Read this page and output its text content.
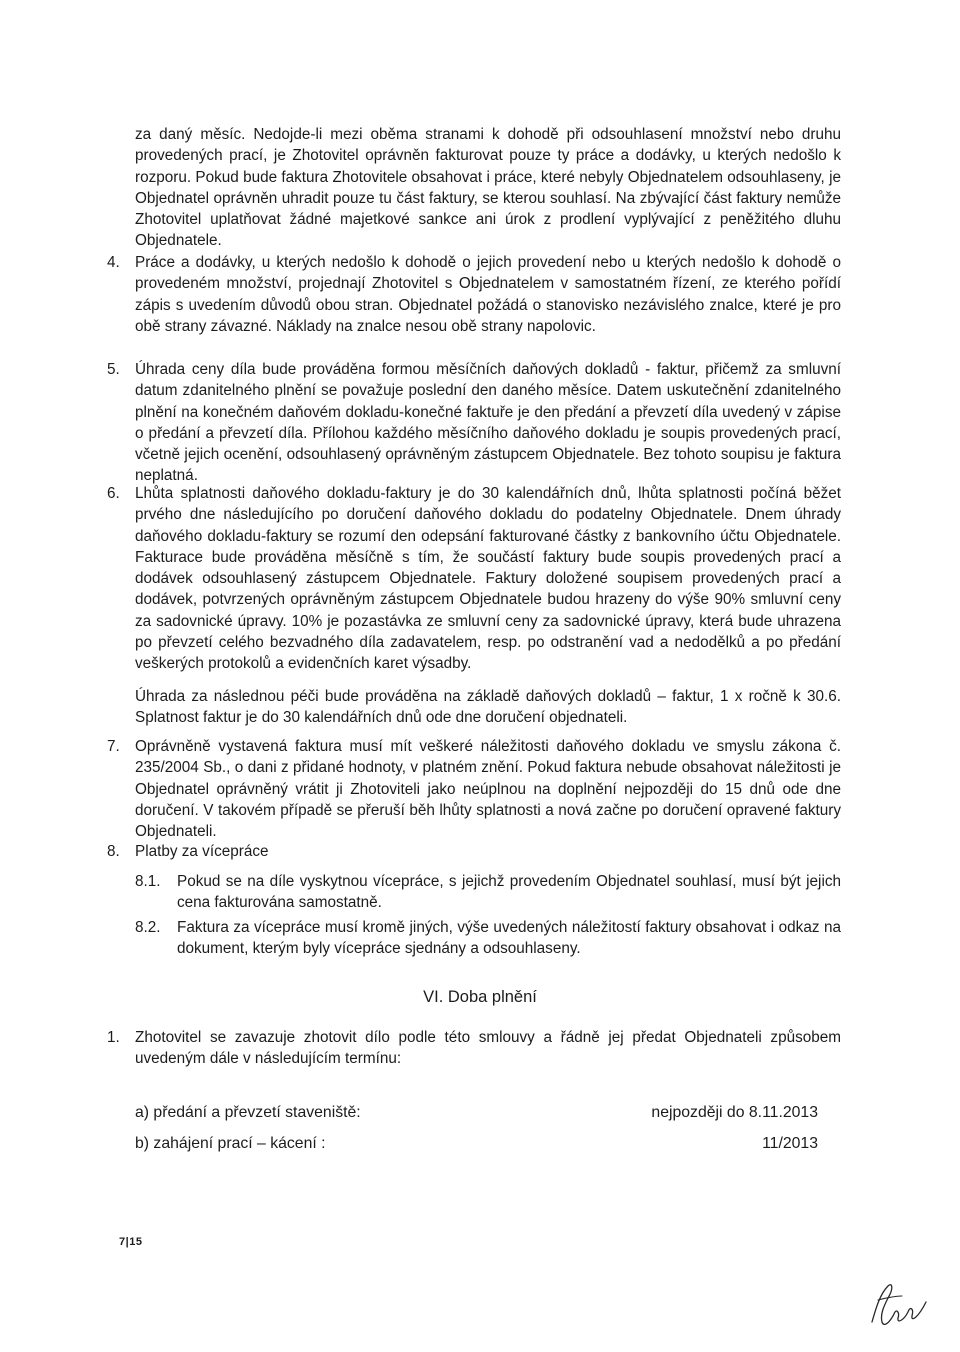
za daný měsíc. Nedojde-li mezi oběma stranami k dohodě při odsouhlasení množství nebo druhu provedených prací, je Zhotovitel oprávněn fakturovat pouze ty práce a dodávky, u kterých nedošlo k rozporu. Pokud bude faktura Zhotovitele obsahovat i práce, které nebyly Objednatelem odsouhlaseny, je Objednatel oprávněn uhradit pouze tu část faktury, se kterou souhlasí. Na zbývající část faktury nemůže Zhotovitel uplatňovat žádné majetkové sankce ani úrok z prodlení vyplývající z peněžitého dluhu Objednatele.
4. Práce a dodávky, u kterých nedošlo k dohodě o jejich provedení nebo u kterých nedošlo k dohodě o provedeném množství, projednají Zhotovitel s Objednatelem v samostatném řízení, ze kterého pořídí zápis s uvedením důvodů obou stran. Objednatel požádá o stanovisko nezávislého znalce, které je pro obě strany závazné. Náklady na znalce nesou obě strany napolovic.
5. Úhrada ceny díla bude prováděna formou měsíčních daňových dokladů - faktur, přičemž za smluvní datum zdanitelného plnění se považuje poslední den daného měsíce. Datem uskutečnění zdanitelného plnění na konečném daňovém dokladu-konečné faktuře je den předání a převzetí díla uvedený v zápise o předání a převzetí díla. Přílohou každého měsíčního daňového dokladu je soupis provedených prací, včetně jejich ocenění, odsouhlasený oprávněným zástupcem Objednatele. Bez tohoto soupisu je faktura neplatná.
6. Lhůta splatnosti daňového dokladu-faktury je do 30 kalendářních dnů, lhůta splatnosti počíná běžet prvého dne následujícího po doručení daňového dokladu do podatelny Objednatele. Dnem úhrady daňového dokladu-faktury se rozumí den odepsání fakturované částky z bankovního účtu Objednatele. Fakturace bude prováděna měsíčně s tím, že součástí faktury bude soupis provedených prací a dodávek odsouhlasený zástupcem Objednatele. Faktury doložené soupisem provedených prací a dodávek, potvrzených oprávněným zástupcem Objednatele budou hrazeny do výše 90% smluvní ceny za sadovnické úpravy. 10% je pozastávka ze smluvní ceny za sadovnické úpravy, která bude uhrazena po převzetí celého bezvadného díla zadavatelem, resp. po odstranění vad a nedodělků a po předání veškerých protokolů a evidenčních karet výsadby.
Úhrada za následnou péči bude prováděna na základě daňových dokladů – faktur, 1 x ročně k 30.6. Splatnost faktur je do 30 kalendářních dnů ode dne doručení objednateli.
7. Oprávněně vystavená faktura musí mít veškeré náležitosti daňového dokladu ve smyslu zákona č. 235/2004 Sb., o dani z přidané hodnoty, v platném znění. Pokud faktura nebude obsahovat náležitosti je Objednatel oprávněný vrátit ji Zhotoviteli jako neúplnou na doplnění nejpozději do 15 dnů ode dne doručení. V takovém případě se přeruší běh lhůty splatnosti a nová začne po doručení opravené faktury Objednateli.
8. Platby za vícepráce
8.1. Pokud se na díle vyskytnou vícepráce, s jejichž provedením Objednatel souhlasí, musí být jejich cena fakturována samostatně.
8.2. Faktura za vícepráce musí kromě jiných, výše uvedených náležitostí faktury obsahovat i odkaz na dokument, kterým byly vícepráce sjednány a odsouhlaseny.
VI. Doba plnění
1. Zhotovitel se zavazuje zhotovit dílo podle této smlouvy a řádně jej předat Objednateli způsobem uvedeným dále v následujícím termínu:
a) předání a převzetí staveniště:	nejpozději do 8.11.2013
b) zahájení prací – kácení :	11/2013
7|15
